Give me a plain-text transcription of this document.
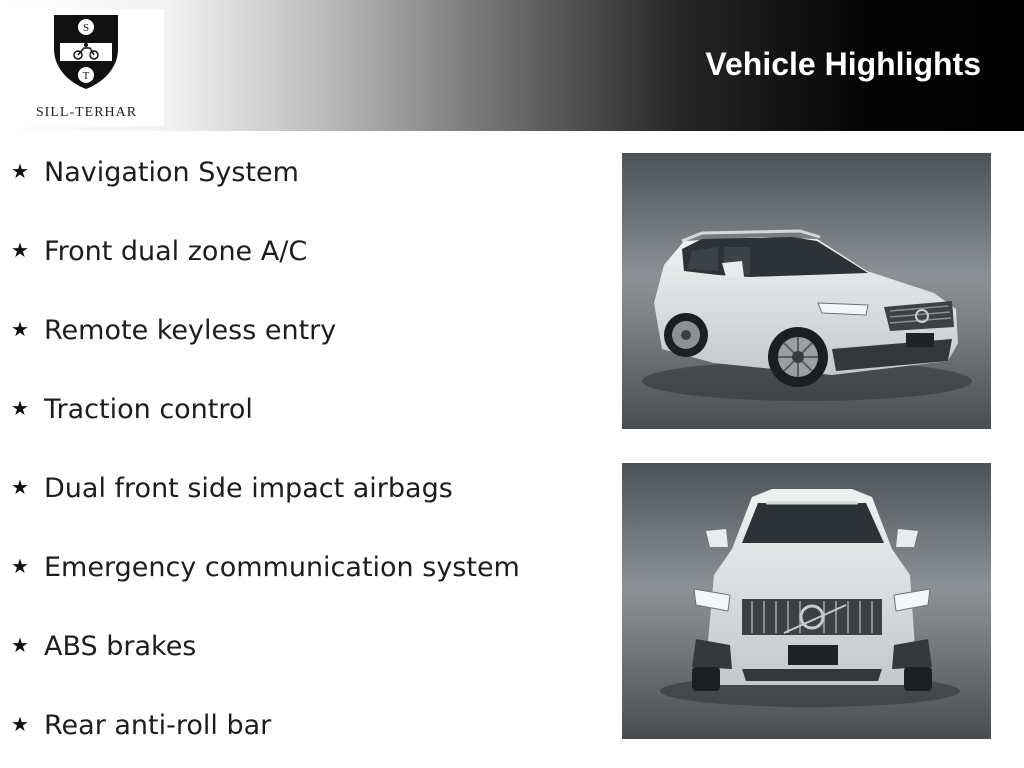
S
T
SILL-TERHAR
Vehicle Highlights
★ Navigation System
★ Front dual zone A/C
★ Remote keyless entry
★ Traction control
★ Dual front side impact airbags
★ Emergency communication system
★ ABS brakes
★ Rear anti-roll bar
